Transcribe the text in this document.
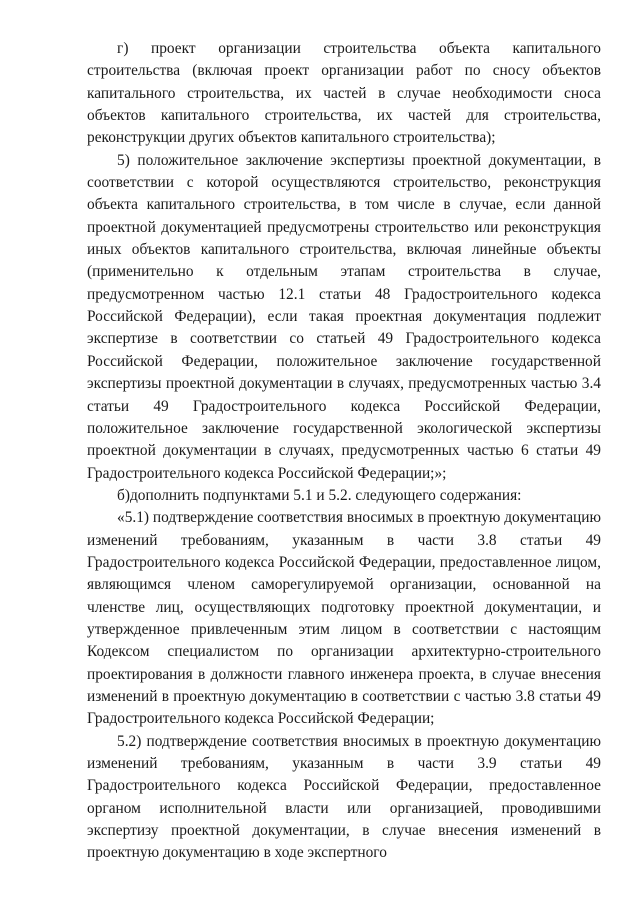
г) проект организации строительства объекта капитального строительства (включая проект организации работ по сносу объектов капитального строительства, их частей в случае необходимости сноса объектов капитального строительства, их частей для строительства, реконструкции других объектов капитального строительства);

5) положительное заключение экспертизы проектной документации, в соответствии с которой осуществляются строительство, реконструкция объекта капитального строительства, в том числе в случае, если данной проектной документацией предусмотрены строительство или реконструкция иных объектов капитального строительства, включая линейные объекты (применительно к отдельным этапам строительства в случае, предусмотренном частью 12.1 статьи 48 Градостроительного кодекса Российской Федерации), если такая проектная документация подлежит экспертизе в соответствии со статьей 49 Градостроительного кодекса Российской Федерации, положительное заключение государственной экспертизы проектной документации в случаях, предусмотренных частью 3.4 статьи 49 Градостроительного кодекса Российской Федерации, положительное заключение государственной экологической экспертизы проектной документации в случаях, предусмотренных частью 6 статьи 49 Градостроительного кодекса Российской Федерации;»;

б)дополнить подпунктами 5.1 и 5.2. следующего содержания:

«5.1) подтверждение соответствия вносимых в проектную документацию изменений требованиям, указанным в части 3.8 статьи 49 Градостроительного кодекса Российской Федерации, предоставленное лицом, являющимся членом саморегулируемой организации, основанной на членстве лиц, осуществляющих подготовку проектной документации, и утвержденное привлеченным этим лицом в соответствии с настоящим Кодексом специалистом по организации архитектурно-строительного проектирования в должности главного инженера проекта, в случае внесения изменений в проектную документацию в соответствии с частью 3.8 статьи 49 Градостроительного кодекса Российской Федерации;

5.2) подтверждение соответствия вносимых в проектную документацию изменений требованиям, указанным в части 3.9 статьи 49 Градостроительного кодекса Российской Федерации, предоставленное органом исполнительной власти или организацией, проводившими экспертизу проектной документации, в случае внесения изменений в проектную документацию в ходе экспертного
